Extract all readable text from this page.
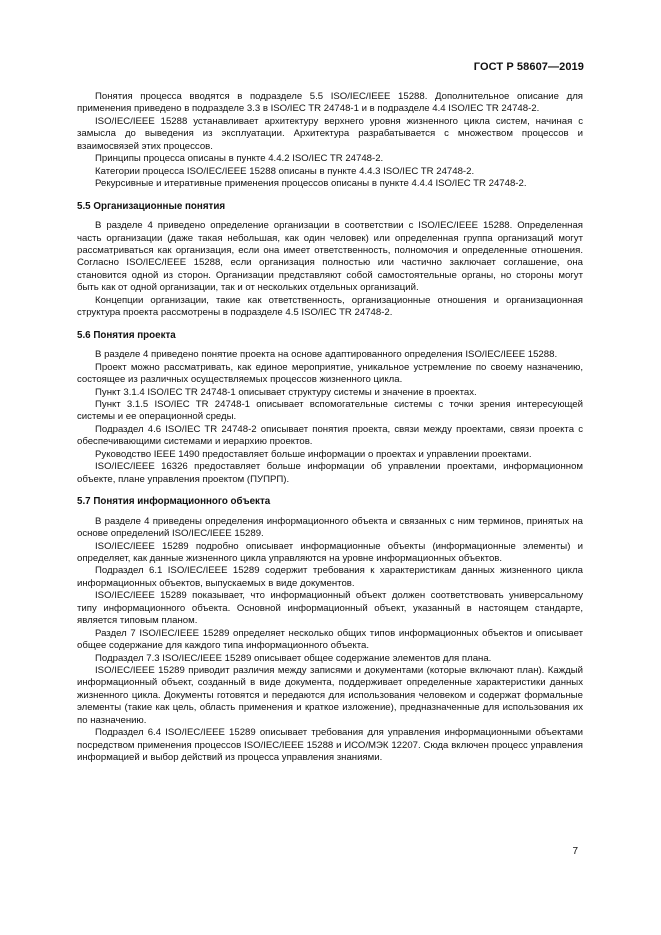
ГОСТ Р 58607—2019

Понятия процесса вводятся в подразделе 5.5 ISO/IEC/IEEE 15288. Дополнительное описание для применения приведено в подразделе 3.3 в ISO/IEC TR 24748-1 и в подразделе 4.4 ISO/IEC TR 24748-2.

ISO/IEC/IEEE 15288 устанавливает архитектуру верхнего уровня жизненного цикла систем, начиная с замысла до выведения из эксплуатации. Архитектура разрабатывается с множеством процессов и взаимосвязей этих процессов.

Принципы процесса описаны в пункте 4.4.2 ISO/IEC TR 24748-2.

Категории процесса ISO/IEC/IEEE 15288 описаны в пункте 4.4.3 ISO/IEC TR 24748-2.

Рекурсивные и итеративные применения процессов описаны в пункте 4.4.4 ISO/IEC TR 24748-2.

5.5 Организационные понятия

В разделе 4 приведено определение организации в соответствии с ISO/IEC/IEEE 15288. Определенная часть организации (даже такая небольшая, как один человек) или определенная группа организаций могут рассматриваться как организация, если она имеет ответственность, полномочия и определенные отношения. Согласно ISO/IEC/IEEE 15288, если организация полностью или частично заключает соглашение, она становится одной из сторон. Организации представляют собой самостоятельные органы, но стороны могут быть как от одной организации, так и от нескольких отдельных организаций.

Концепции организации, такие как ответственность, организационные отношения и организационная структура проекта рассмотрены в подразделе 4.5 ISO/IEC TR 24748-2.

5.6 Понятия проекта

В разделе 4 приведено понятие проекта на основе адаптированного определения ISO/IEC/IEEE 15288.

Проект можно рассматривать, как единое мероприятие, уникальное устремление по своему назначению, состоящее из различных осуществляемых процессов жизненного цикла.

Пункт 3.1.4 ISO/IEC TR 24748-1 описывает структуру системы и значение в проектах.

Пункт 3.1.5 ISO/IEC TR 24748-1 описывает вспомогательные системы с точки зрения интересующей системы и ее операционной среды.

Подраздел 4.6 ISO/IEC TR 24748-2 описывает понятия проекта, связи между проектами, связи проекта с обеспечивающими системами и иерархию проектов.

Руководство IEEE 1490 предоставляет больше информации о проектах и управлении проектами.

ISO/IEC/IEEE 16326 предоставляет больше информации об управлении проектами, информационном объекте, плане управления проектом (ПУПРП).

5.7 Понятия информационного объекта

В разделе 4 приведены определения информационного объекта и связанных с ним терминов, принятых на основе определений ISO/IEC/IEEE 15289.

ISO/IEC/IEEE 15289 подробно описывает информационные объекты (информационные элементы) и определяет, как данные жизненного цикла управляются на уровне информационных объектов.

Подраздел 6.1 ISO/IEC/IEEE 15289 содержит требования к характеристикам данных жизненного цикла информационных объектов, выпускаемых в виде документов.

ISO/IEC/IEEE 15289 показывает, что информационный объект должен соответствовать универсальному типу информационного объекта. Основной информационный объект, указанный в настоящем стандарте, является типовым планом.

Раздел 7 ISO/IEC/IEEE 15289 определяет несколько общих типов информационных объектов и описывает общее содержание для каждого типа информационного объекта.

Подраздел 7.3 ISO/IEC/IEEE 15289 описывает общее содержание элементов для плана.

ISO/IEC/IEEE 15289 приводит различия между записями и документами (которые включают план). Каждый информационный объект, созданный в виде документа, поддерживает определенные характеристики данных жизненного цикла. Документы готовятся и передаются для использования человеком и содержат формальные элементы (такие как цель, область применения и краткое изложение), предназначенные для использования их по назначению.

Подраздел 6.4 ISO/IEC/IEEE 15289 описывает требования для управления информационными объектами посредством применения процессов ISO/IEC/IEEE 15288 и ИСО/МЭК 12207. Сюда включен процесс управления информацией и выбор действий из процесса управления знаниями.

7
